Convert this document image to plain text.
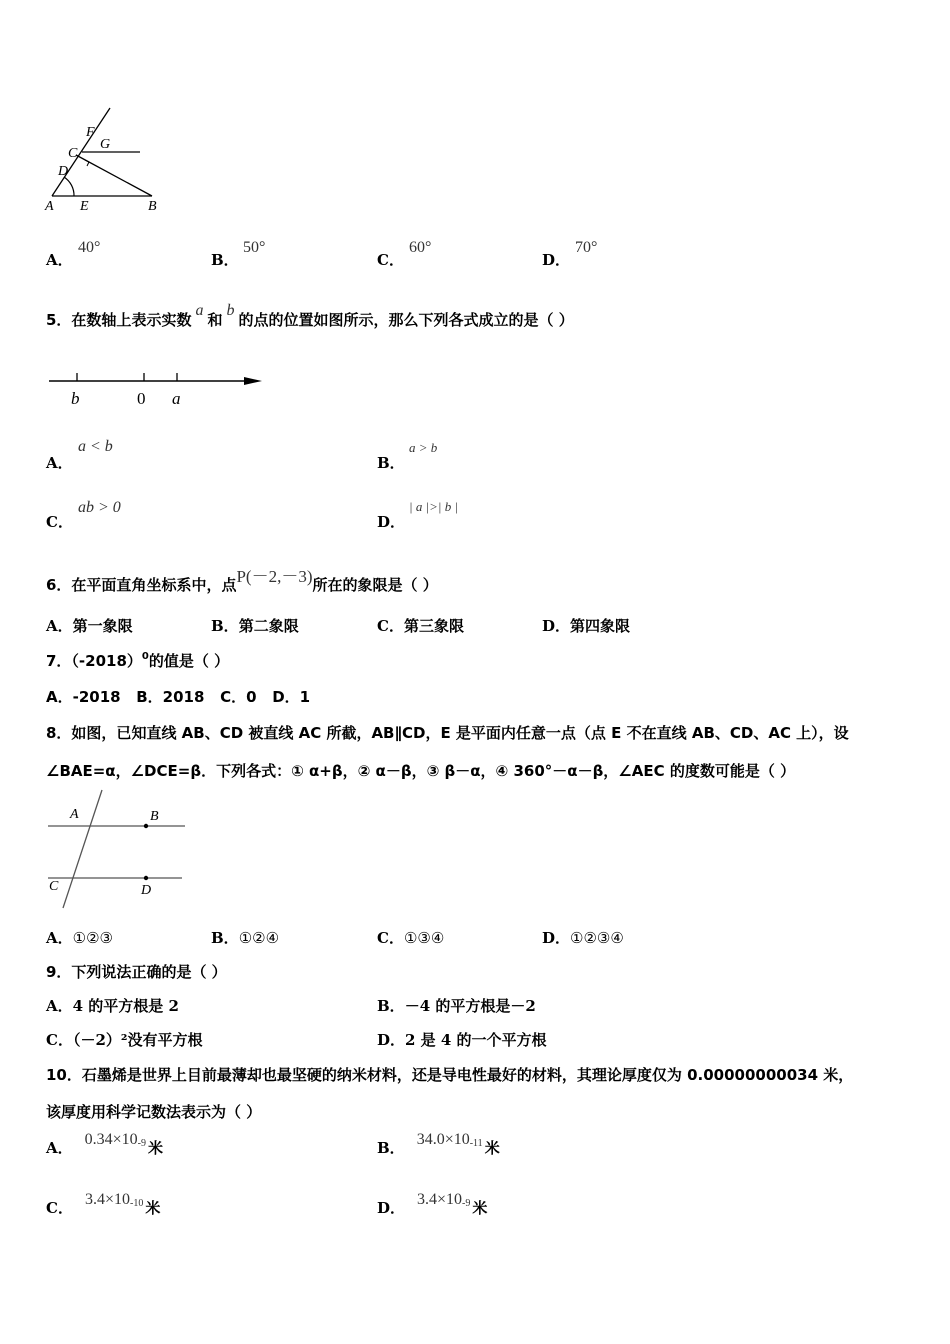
F
G
C
D
A E	B
A．
40°
B．
50°
C．
60°
D．
70°
5．在数轴上表示实数a和b的点的位置如图所示，那么下列各式成立的是（ ）
b	0 a
A．
a < b
B．
a > b
C．
ab > 0
D．
| a |>| b |
6．在平面直角坐标系中，点P(－2,－3)所在的象限是（ ）
A．第一象限	B．第二象限	C．第三象限	D．第四象限
7．$(-2018)^0$的值是（ ）
A．-2018   B．2018   C．0   D．1
8．如图，已知直线 AB、CD 被直线 AC 所截，AB∥CD，E 是平面内任意一点（点 E 不在直线 AB、CD、AC 上），设
∠BAE=α，∠DCE=β．下列各式：① α+β，② α－β，③ β－α，④ 360°－α－β，∠AEC 的度数可能是（ ）
A	B
C	D
A．①②③	B．①②④	C．①③④	D．①②③④
9．下列说法正确的是（ ）
A．4 的平方根是 2	B．－4 的平方根是－2
C．（－2）²没有平方根	D．2 是 4 的一个平方根
10．石墨烯是世界上目前最薄却也最坚硬的纳米材料，还是导电性最好的材料，其理论厚度仅为 0.00000000034 米，
该厚度用科学记数法表示为（ ）
A． $0.34\times 10^{-9}$ 米	B． $34.0\times 10^{-11}$ 米
C． $3.4\times 10^{-10}$ 米	D． $3.4\times 10^{-9}$ 米
